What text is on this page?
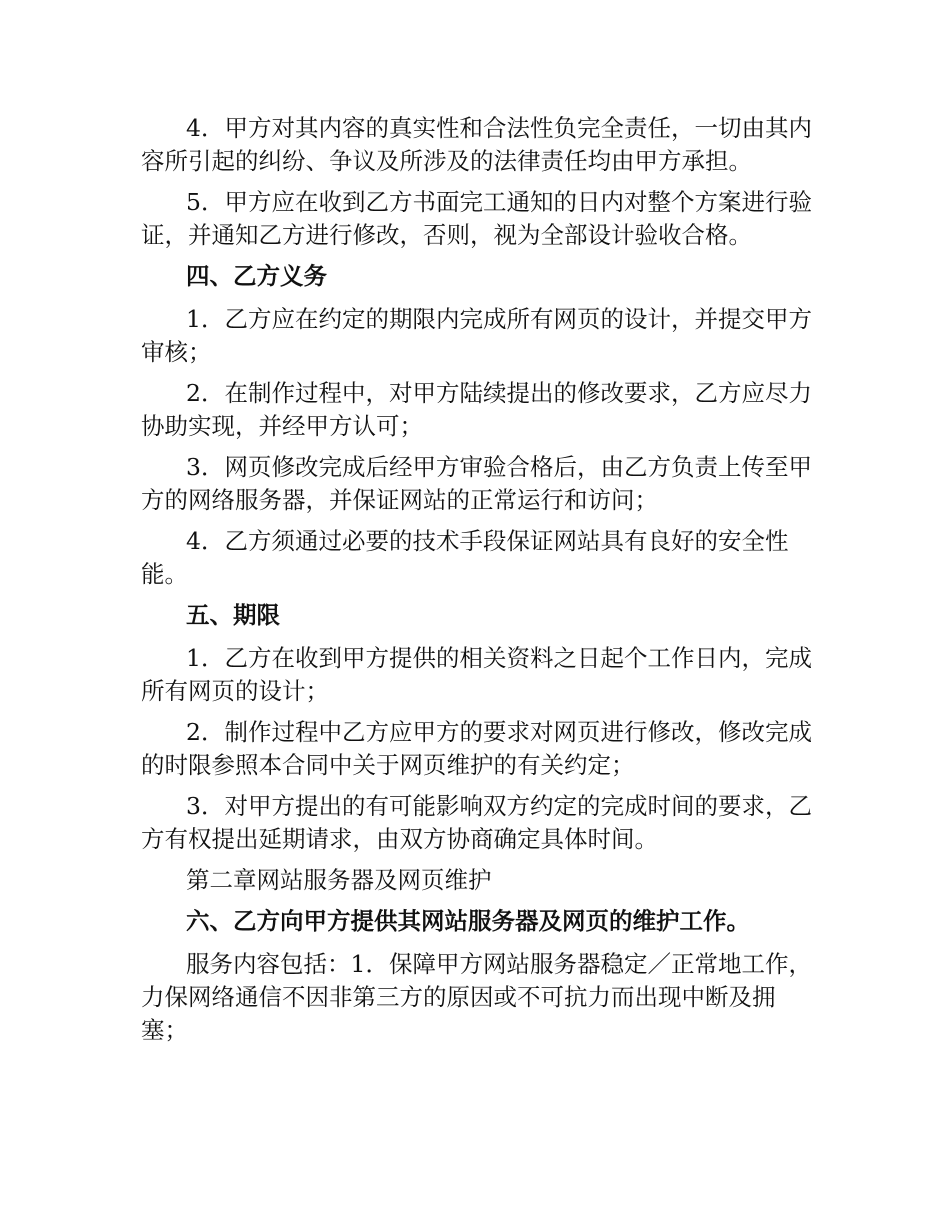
4．甲方对其内容的真实性和合法性负完全责任，一切由其内容所引起的纠纷、争议及所涉及的法律责任均由甲方承担。

5．甲方应在收到乙方书面完工通知的日内对整个方案进行验证，并通知乙方进行修改，否则，视为全部设计验收合格。

四、乙方义务

1．乙方应在约定的期限内完成所有网页的设计，并提交甲方审核；

2．在制作过程中，对甲方陆续提出的修改要求，乙方应尽力协助实现，并经甲方认可；

3．网页修改完成后经甲方审验合格后，由乙方负责上传至甲方的网络服务器，并保证网站的正常运行和访问；

4．乙方须通过必要的技术手段保证网站具有良好的安全性能。

五、期限

1．乙方在收到甲方提供的相关资料之日起个工作日内，完成所有网页的设计；

2．制作过程中乙方应甲方的要求对网页进行修改，修改完成的时限参照本合同中关于网页维护的有关约定；

3．对甲方提出的有可能影响双方约定的完成时间的要求，乙方有权提出延期请求，由双方协商确定具体时间。

第二章网站服务器及网页维护

六、乙方向甲方提供其网站服务器及网页的维护工作。

服务内容包括：1．保障甲方网站服务器稳定／正常地工作，力保网络通信不因非第三方的原因或不可抗力而出现中断及拥塞；
